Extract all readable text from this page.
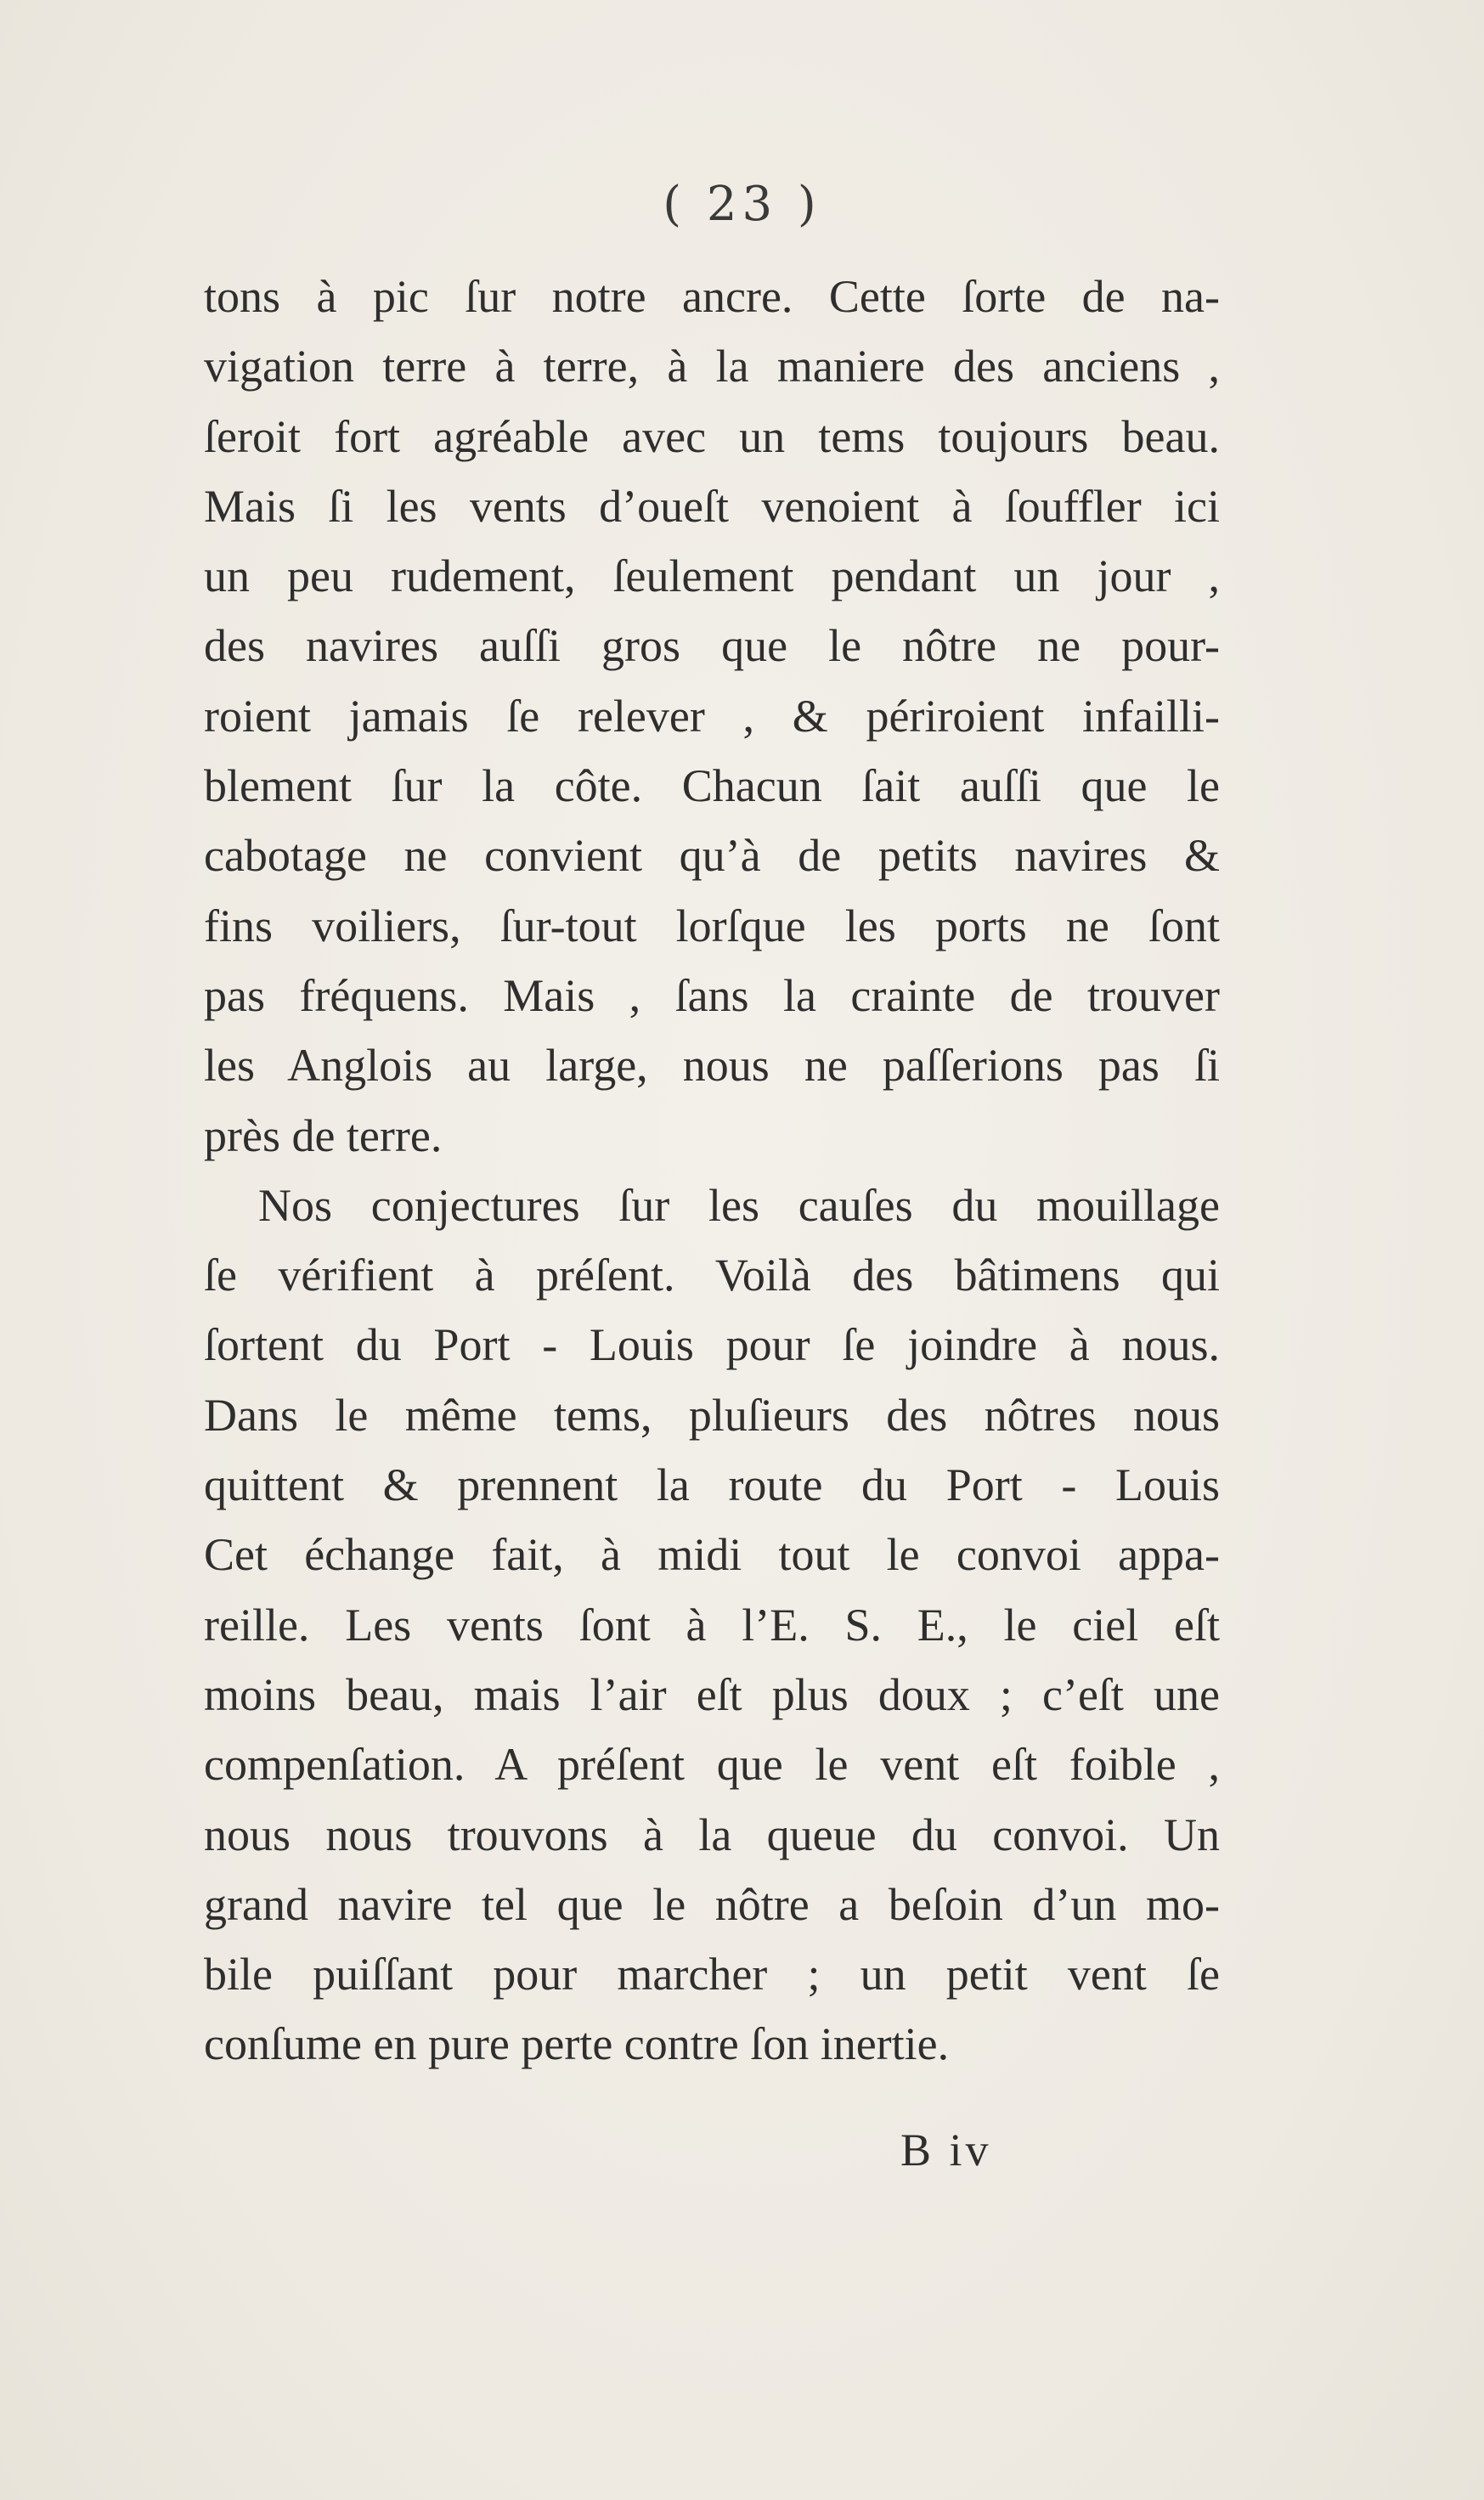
( 23 )
tons à pic ſur notre ancre. Cette ſorte de na-
vigation terre à terre, à la maniere des anciens ,
ſeroit fort agréable avec un tems toujours beau.
Mais ſi les vents d’oueſt venoient à ſouffler ici
un peu rudement, ſeulement pendant un jour ,
des navires auſſi gros que le nôtre ne pour-
roient jamais ſe relever , & périroient infailli-
blement ſur la côte. Chacun ſait auſſi que le
cabotage ne convient qu’à de petits navires &
fins voiliers, ſur-tout lorſque les ports ne ſont
pas fréquens. Mais , ſans la crainte de trouver
les Anglois au large, nous ne paſſerions pas ſi
près de terre.
Nos conjectures ſur les cauſes du mouillage
ſe vérifient à préſent. Voilà des bâtimens qui
ſortent du Port - Louis pour ſe joindre à nous.
Dans le même tems, pluſieurs des nôtres nous
quittent & prennent la route du Port - Louis
Cet échange fait, à midi tout le convoi appa-
reille. Les vents ſont à l’E. S. E., le ciel eſt
moins beau, mais l’air eſt plus doux ; c’eſt une
compenſation. A préſent que le vent eſt foible ,
nous nous trouvons à la queue du convoi. Un
grand navire tel que le nôtre a beſoin d’un mo-
bile puiſſant pour marcher ; un petit vent ſe
conſume en pure perte contre ſon inertie.
B iv
